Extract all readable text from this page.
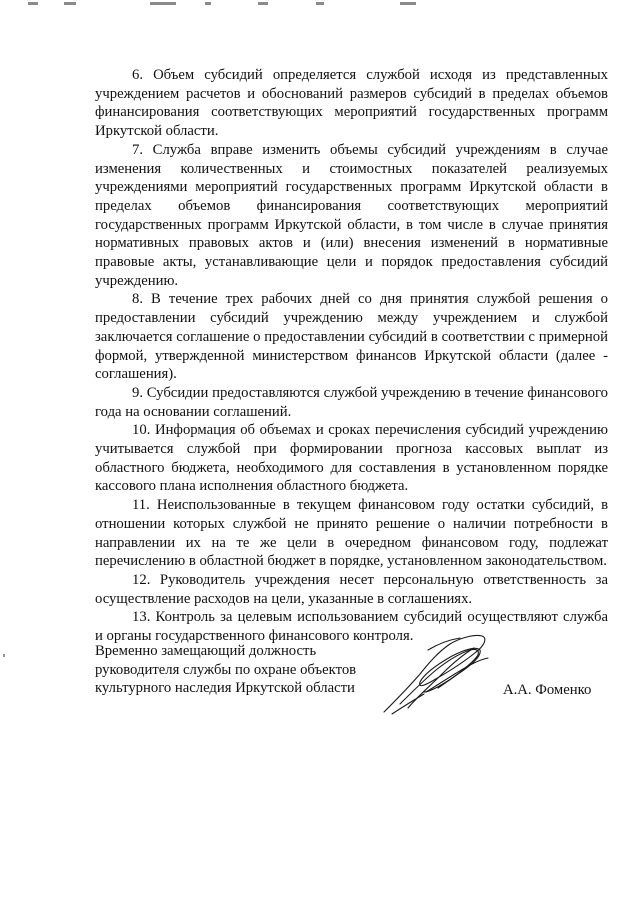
6. Объем субсидий определяется службой исходя из представленных учреждением расчетов и обоснований размеров субсидий в пределах объемов финансирования соответствующих мероприятий государственных программ Иркутской области.

7. Служба вправе изменить объемы субсидий учреждениям в случае изменения количественных и стоимостных показателей реализуемых учреждениями мероприятий государственных программ Иркутской области в пределах объемов финансирования соответствующих мероприятий государственных программ Иркутской области, в том числе в случае принятия нормативных правовых актов и (или) внесения изменений в нормативные правовые акты, устанавливающие цели и порядок предоставления субсидий учреждению.

8. В течение трех рабочих дней со дня принятия службой решения о предоставлении субсидий учреждению между учреждением и службой заключается соглашение о предоставлении субсидий в соответствии с примерной формой, утвержденной министерством финансов Иркутской области (далее - соглашения).

9. Субсидии предоставляются службой учреждению в течение финансового года на основании соглашений.

10. Информация об объемах и сроках перечисления субсидий учреждению учитывается службой при формировании прогноза кассовых выплат из областного бюджета, необходимого для составления в установленном порядке кассового плана исполнения областного бюджета.

11. Неиспользованные в текущем финансовом году остатки субсидий, в отношении которых службой не принято решение о наличии потребности в направлении их на те же цели в очередном финансовом году, подлежат перечислению в областной бюджет в порядке, установленном законодательством.

12. Руководитель учреждения несет персональную ответственность за осуществление расходов на цели, указанные в соглашениях.

13. Контроль за целевым использованием субсидий осуществляют служба и органы государственного финансового контроля.

Временно замещающий должность
руководителя службы по охране объектов
культурного наследия Иркутской области	А.А. Фоменко
